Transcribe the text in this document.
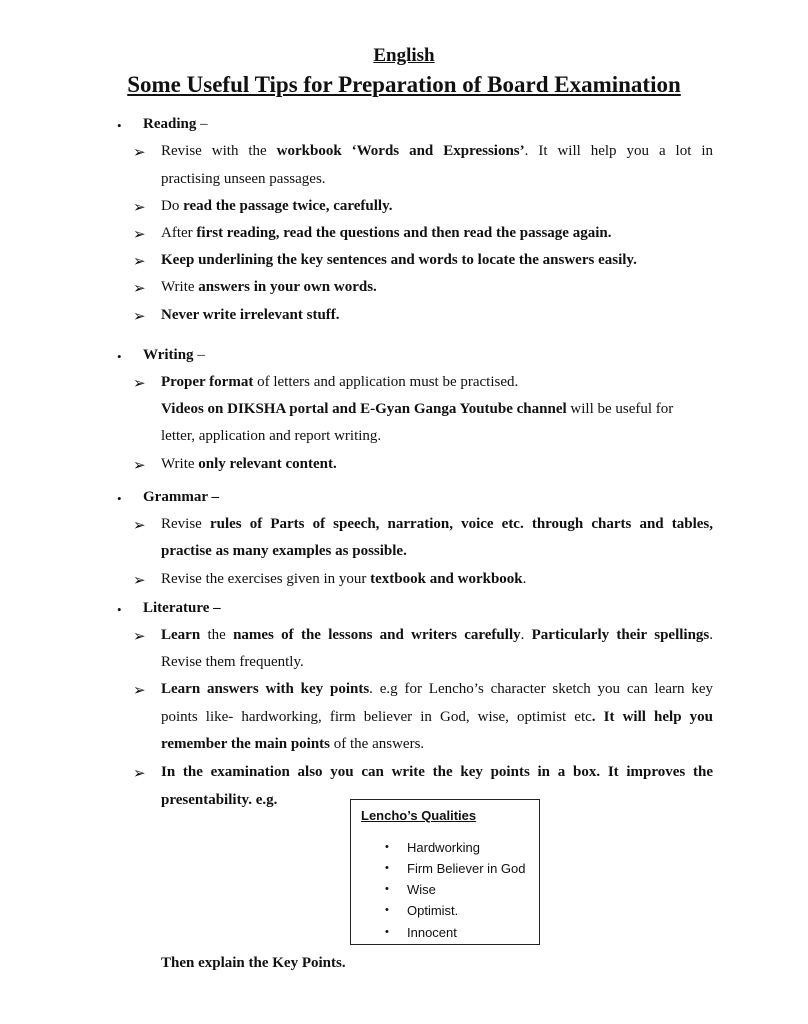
English
Some Useful Tips for Preparation of Board Examination
• Reading –
➢ Revise with the workbook ‘Words and Expressions’. It will help you a lot in
practising unseen passages.
➢ Do read the passage twice, carefully.
➢ After first reading, read the questions and then read the passage again.
➢ Keep underlining the key sentences and words to locate the answers easily.
➢ Write answers in your own words.
➢ Never write irrelevant stuff.
• Writing –
➢ Proper format of letters and application must be practised.
Videos on DIKSHA portal and E-Gyan Ganga Youtube channel will be useful for
letter, application and report writing.
➢ Write only relevant content.
• Grammar –
➢ Revise rules of Parts of speech, narration, voice etc. through charts and tables,
practise as many examples as possible.
➢ Revise the exercises given in your textbook and workbook.
• Literature –
➢ Learn the names of the lessons and writers carefully. Particularly their spellings.
Revise them frequently.
➢ Learn answers with key points. e.g for Lencho’s character sketch you can learn key
points like- hardworking, firm believer in God, wise, optimist etc. It will help you
remember the main points of the answers.
➢ In the examination also you can write the key points in a box. It improves the
presentability. e.g.
Lencho’s Qualities
• Hardworking
• Firm Believer in God
• Wise
• Optimist.
• Innocent
Then explain the Key Points.
